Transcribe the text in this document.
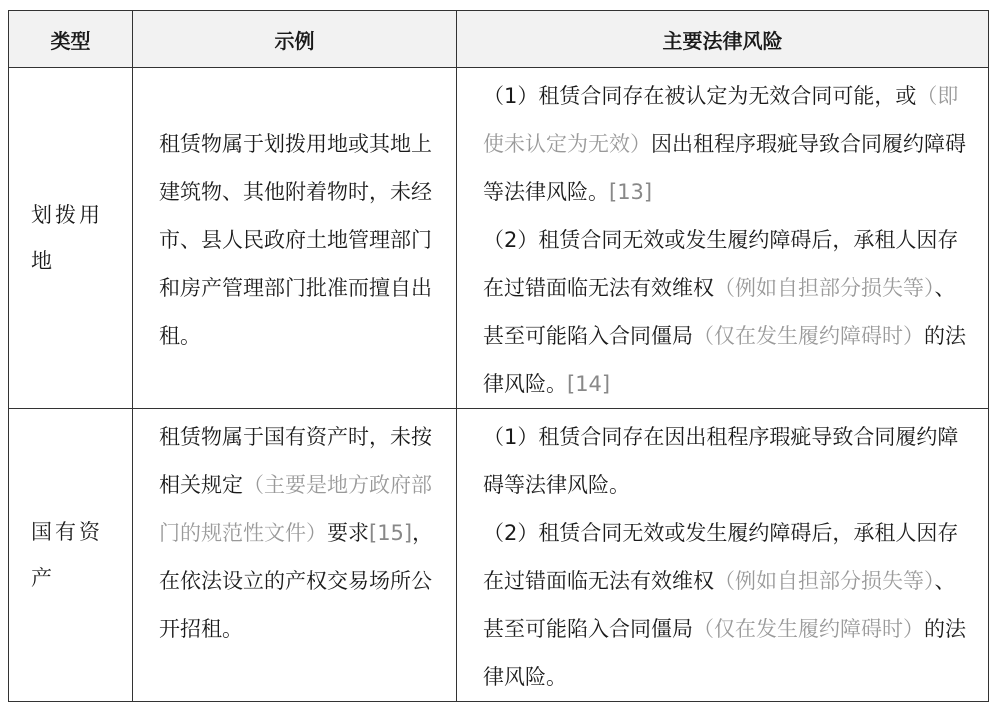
类型	示例	主要法律风险
划拨用地	租赁物属于划拨用地或其地上建筑物、其他附着物时，未经市、县人民政府土地管理部门和房产管理部门批准而擅自出租。	（1）租赁合同存在被认定为无效合同可能，或（即使未认定为无效）因出租程序瑕疵导致合同履约障碍等法律风险。[13]

（2）租赁合同无效或发生履约障碍后，承租人因存在过错面临无法有效维权（例如自担部分损失等）、甚至可能陷入合同僵局（仅在发生履约障碍时）的法律风险。[14]

国有资产	租赁物属于国有资产时，未按相关规定（主要是地方政府部门的规范性文件）要求[15]，在依法设立的产权交易场所公开招租。	（1）租赁合同存在因出租程序瑕疵导致合同履约障碍等法律风险。

（2）租赁合同无效或发生履约障碍后，承租人因存在过错面临无法有效维权（例如自担部分损失等）、甚至可能陷入合同僵局（仅在发生履约障碍时）的法律风险。
